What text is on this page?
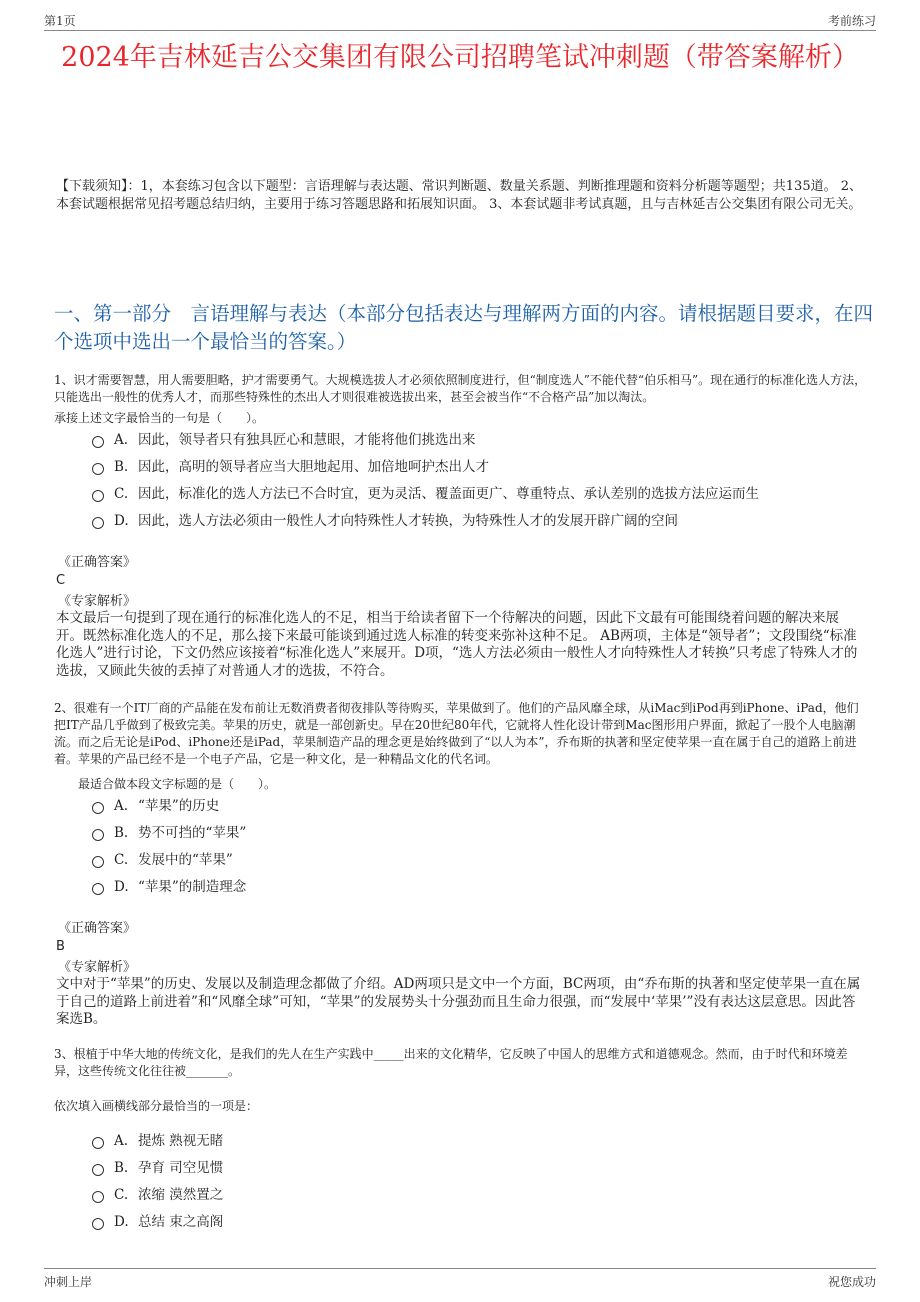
第1页	考前练习
2024年吉林延吉公交集团有限公司招聘笔试冲刺题（带答案解析）
【下载须知】：1，本套练习包含以下题型：言语理解与表达题、常识判断题、数量关系题、判断推理题和资料分析题等题型；共135道。 2、本套试题根据常见招考题总结归纳，主要用于练习答题思路和拓展知识面。 3、本套试题非考试真题，且与吉林延吉公交集团有限公司无关。
一、第一部分　言语理解与表达（本部分包括表达与理解两方面的内容。请根据题目要求，在四个选项中选出一个最恰当的答案。）
1、识才需要智慧，用人需要胆略，护才需要勇气。大规模选拔人才必须依照制度进行，但“制度选人”不能代替“伯乐相马”。现在通行的标准化选人方法，只能选出一般性的优秀人才，而那些特殊性的杰出人才则很难被选拔出来，甚至会被当作“不合格产品”加以淘汰。
承接上述文字最恰当的一句是（　　）。
A. 因此，领导者只有独具匠心和慧眼，才能将他们挑选出来
B. 因此，高明的领导者应当大胆地起用、加倍地呵护杰出人才
C. 因此，标准化的选人方法已不合时宜，更为灵活、覆盖面更广、尊重特点、承认差别的选拔方法应运而生
D. 因此，选人方法必须由一般性人才向特殊性人才转换，为特殊性人才的发展开辟广阔的空间
《正确答案》
C
《专家解析》
本文最后一句提到了现在通行的标准化选人的不足，相当于给读者留下一个待解决的问题，因此下文最有可能围绕着问题的解决来展开。既然标准化选人的不足，那么接下来最可能谈到通过选人标准的转变来弥补这种不足。 AB两项，主体是“领导者”；文段围绕“标准化选人”进行讨论，下文仍然应该接着“标准化选人”来展开。D项，“选人方法必须由一般性人才向特殊性人才转换”只考虑了特殊人才的选拔，又顾此失彼的丢掉了对普通人才的选拔，不符合。
2、很难有一个IT厂商的产品能在发布前让无数消费者彻夜排队等待购买，苹果做到了。他们的产品风靡全球，从iMac到iPod再到iPhone、iPad，他们把IT产品几乎做到了极致完美。苹果的历史，就是一部创新史。早在20世纪80年代，它就将人性化设计带到Mac图形用户界面，掀起了一股个人电脑潮流。而之后无论是iPod、iPhone还是iPad，苹果制造产品的理念更是始终做到了“以人为本”，乔布斯的执著和坚定使苹果一直在属于自己的道路上前进着。苹果的产品已经不是一个电子产品，它是一种文化，是一种精品文化的代名词。
最适合做本段文字标题的是（　　）。
A. “苹果”的历史
B. 势不可挡的“苹果”
C. 发展中的“苹果”
D. “苹果”的制造理念
《正确答案》
B
《专家解析》
文中对于“苹果”的历史、发展以及制造理念都做了介绍。AD两项只是文中一个方面，BC两项，由“乔布斯的执著和坚定使苹果一直在属于自己的道路上前进着”和“风靡全球”可知，“苹果”的发展势头十分强劲而且生命力很强，而“发展中‘苹果’”没有表达这层意思。因此答案选B。
3、根植于中华大地的传统文化，是我们的先人在生产实践中_____出来的文化精华，它反映了中国人的思维方式和道德观念。然而，由于时代和环境差异，这些传统文化往往被_______。
依次填入画横线部分最恰当的一项是：
A. 提炼 熟视无睹
B. 孕育 司空见惯
C. 浓缩 漠然置之
D. 总结 束之高阁
冲刺上岸	祝您成功
